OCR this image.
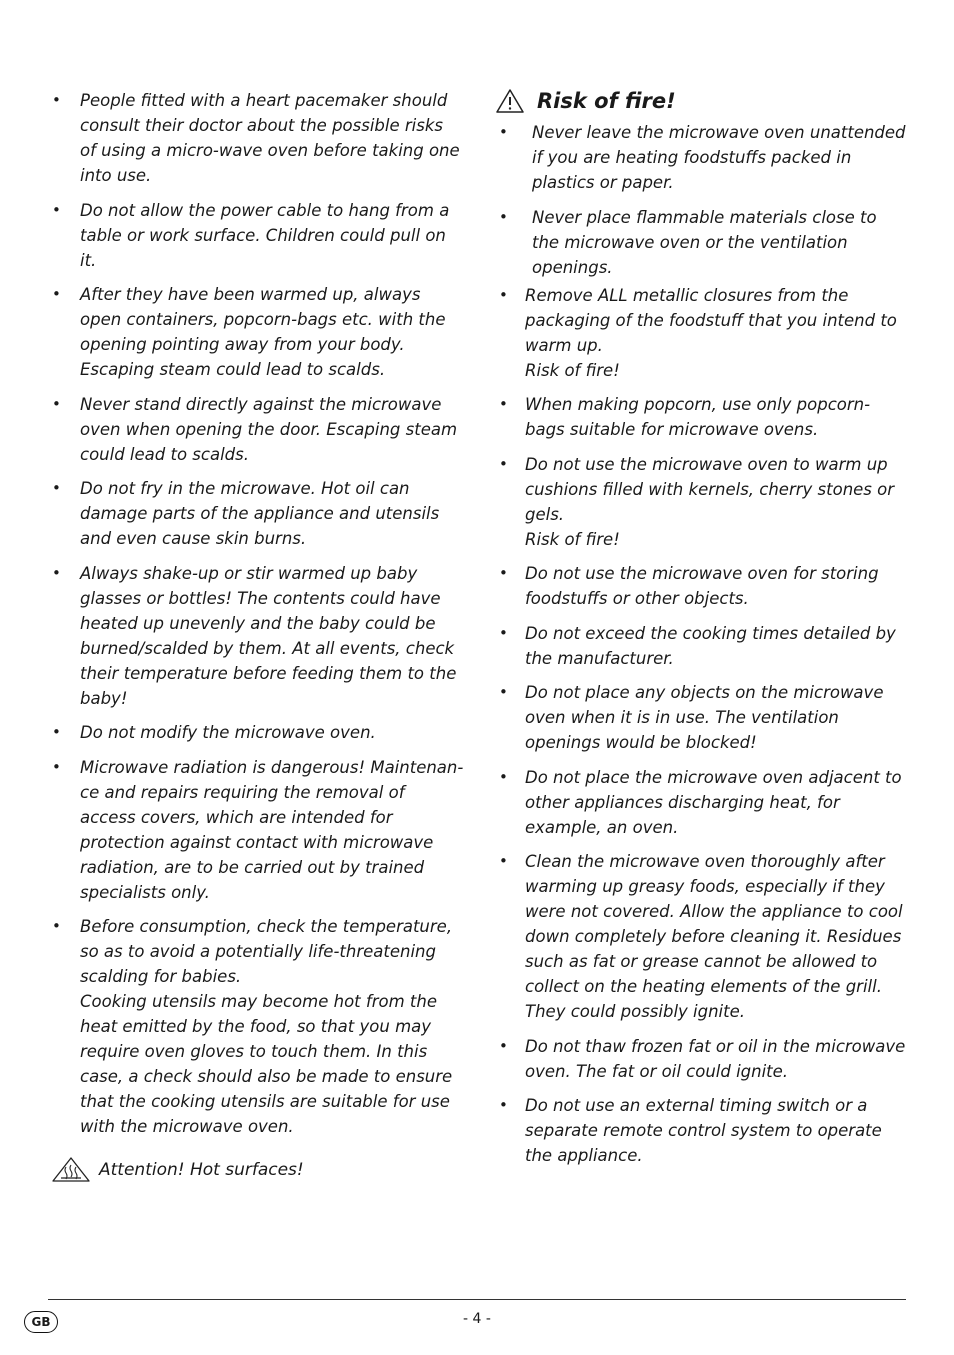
• People fitted with a heart pacemaker should consult their doctor about the possible risks of using a micro-wave oven before taking one into use.
• Do not allow the power cable to hang from a table or work surface. Children could pull on it.
• After they have been warmed up, always open containers, popcorn-bags etc. with the opening pointing away from your body. Escaping steam could lead to scalds.
• Never stand directly against the microwave oven when opening the door. Escaping steam could lead to scalds.
• Do not fry in the microwave. Hot oil can damage parts of the appliance and utensils and even cause skin burns.
• Always shake-up or stir warmed up baby glasses or bottles! The contents could have heated up unevenly and the baby could be burned/scalded by them. At all events, check their temperature before feeding them to the baby!
• Do not modify the microwave oven.
• Microwave radiation is dangerous! Maintenan-ce and repairs requiring the removal of access covers, which are intended for protection against contact with microwave radiation, are to be carried out by trained specialists only.
• Before consumption, check the temperature, so as to avoid a potentially life-threatening scalding for babies.
Cooking utensils may become hot from the heat emitted by the food, so that you may require oven gloves to touch them. In this case, a check should also be made to ensure that the cooking utensils are suitable for use with the microwave oven.
Attention! Hot surfaces!
Risk of fire!
• Never leave the microwave oven unattended if you are heating foodstuffs packed in plastics or paper.
• Never place flammable materials close to the microwave oven or the ventilation openings.
• Remove ALL metallic closures from the packaging of the foodstuff that you intend to warm up.
Risk of fire!
• When making popcorn, use only popcorn-bags suitable for microwave ovens.
• Do not use the microwave oven to warm up cushions filled with kernels, cherry stones or gels.
Risk of fire!
• Do not use the microwave oven for storing foodstuffs or other objects.
• Do not exceed the cooking times detailed by the manufacturer.
• Do not place any objects on the microwave oven when it is in use. The ventilation openings would be blocked!
• Do not place the microwave oven adjacent to other appliances discharging heat, for example, an oven.
• Clean the microwave oven thoroughly after warming up greasy foods, especially if they were not covered. Allow the appliance to cool down completely before cleaning it. Residues such as fat or grease cannot be allowed to collect on the heating elements of the grill. They could possibly ignite.
• Do not thaw frozen fat or oil in the microwave oven. The fat or oil could ignite.
• Do not use an external timing switch or a separate remote control system to operate the appliance.
GB	- 4 -
